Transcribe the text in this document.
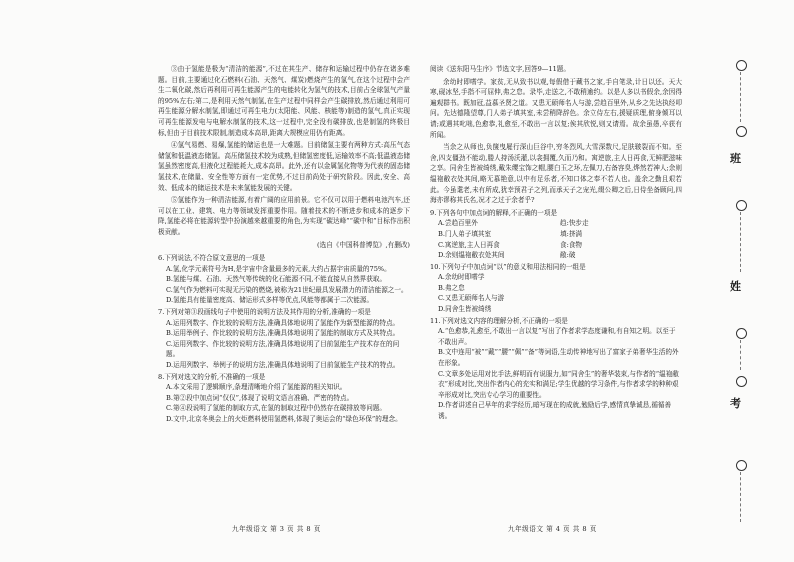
③由于氢能是极为“清洁的能源”,不过在其生产、储存和运输过程中仍存在诸多难题。目前,主要通过化石燃料(石油、天然气、煤炭)燃烧产生的氢气,在这个过程中会产生二氧化碳,然后再利用可再生能源产生的电能转化为氢气的技术,目前占全球氢气产量的95%左右;第二,是利用天然气制氢,在生产过程中同样会产生碳排放,然后通过利用可再生能源分解水制氢,即通过可再生电力(太阳能、风能、核能等)制造的氢气,真正实现可再生能源发电与电解水制氢的技术,这一过程中,完全没有碳排放,也是制氢的终极目标,但由于目前技术限制,制造成本高昂,距离大规模应用仍有距离。

④氢气易燃、易爆,氢能的储运也是一大难题。目前储氢主要有两种方式:高压气态储氢和低温液态储氢。高压储氢技术较为成熟,但储氢密度低,运输效率不高;低温液态储氢虽然密度高,但液化过程能耗大,成本高昂。此外,还有以金属氢化物等为代表的固态储氢技术,在储量、安全性等方面有一定优势,不过目前尚处于研究阶段。因此,安全、高效、低成本的储运技术是未来氢能发展的关键。

⑤氢能作为一种清洁能源,有着广阔的应用前景。它不仅可以用于燃料电池汽车,还可以在工业、建筑、电力等领域发挥重要作用。随着技术的不断进步和成本的逐步下降,氢能必将在能源转型中扮演越来越重要的角色,为实现“碳达峰”“碳中和”目标作出积极贡献。

(选自《中国科普博览》,有删改)

6.下列说法,不符合原文意思的一项是

A.氢,化学元素符号为H,是宇宙中含量最多的元素,大约占据宇宙质量的75%。

B.氢能与煤、石油、天然气等传统的化石能源不同,不能直接从自然界获取。

C.氢气作为燃料可实现无污染的燃烧,被称为21世纪最具发展潜力的清洁能源之一。

D.氢能具有能量密度高、储运形式多样等优点,风能等都属于二次能源。

7.下列对第③段画线句子中使用的说明方法及其作用的分析,准确的一项是

A.运用列数字、作比较的说明方法,准确具体地说明了氢能作为新型能源的特点。

B.运用举例子、作比较的说明方法,准确具体地说明了氢能的制取方式及其特点。

C.运用列数字、作比较的说明方法,准确具体地说明了目前氢能生产技术存在的问题。

D.运用列数字、举例子的说明方法,准确具体地说明了目前氢能生产技术的特点。

8.下列对选文的分析,不准确的一项是

A.本文采用了逻辑顺序,条理清晰地介绍了氢能源的相关知识。

B.第②段中加点词“仅仅”,体现了说明文语言准确、严密的特点。

C.第④段说明了氢能的制取方式,在氢的制取过程中仍然存在碳排放等问题。

D.文中,北京冬奥会上的火炬燃料使用氢燃料,体现了奥运会的“绿色环保”的理念。

阅读《送东阳马生序》节选文字,回答9—11题。

余幼时即嗜学。家贫,无从致书以观,每假借于藏书之家,手自笔录,计日以还。天大寒,砚冰坚,手指不可屈伸,弗之怠。录毕,走送之,不敢稍逾约。以是人多以书假余,余因得遍观群书。既加冠,益慕圣贤之道。又患无硕师名人与游,尝趋百里外,从乡之先达执经叩问。先达德隆望尊,门人弟子填其室,未尝稍降辞色。余立侍左右,援疑质理,俯身倾耳以请;或遇其叱咄,色愈恭,礼愈至,不敢出一言以复;俟其欣悦,则又请焉。故余虽愚,卒获有所闻。

当余之从师也,负箧曳屣行深山巨谷中,穷冬烈风,大雪深数尺,足肤皲裂而不知。至舍,四支僵劲不能动,媵人持汤沃灌,以衾拥覆,久而乃和。寓逆旅,主人日再食,无鲜肥滋味之享。同舍生皆被绮绣,戴朱缨宝饰之帽,腰白玉之环,左佩刀,右备容臭,烨然若神人;余则缊袍敝衣处其间,略无慕艳意,以中有足乐者,不知口体之奉不若人也。盖余之勤且艰若此。今虽耄老,未有所成,犹幸预君子之列,而承天子之宠光,缀公卿之后,日侍坐备顾问,四海亦谬称其氏名,况才之过于余者乎?

9.下列各句中加点词的解释,不正确的一项是

A.尝趋百里外	趋:快步走
B.门人弟子填其室	填:挤满
C.寓逆旅,主人日再食	食:食物
D.余则缊袍敝衣处其间	敝:破

10.下列句子中加点词“以”的意义和用法相同的一组是

A.余幼时即嗜学

B.弗之怠

C.又患无硕师名人与游

D.同舍生皆被绮绣

11.下列对选文内容的理解分析,不正确的一项是

A.“色愈恭,礼愈至,不敢出一言以复”写出了作者求学态度谦和,有自知之明。以至于不敢出声。

B.文中连用“被”“戴”“腰”“佩”“备”等词语,生动传神地写出了富家子弟奢华生活的外在形象。

C.文章多处运用对比手法,鲜明而有说服力,如“同舍生”的奢华装束,与作者的“缊袍敝衣”形成对比,突出作者内心的充实和满足;学生优越的学习条件,与作者求学的种种艰辛形成对比,突出专心学习的重要性。

D.作者讲述自己早年的求学经历,暗写现在的成就,勉励后学,感情真挚诚恳,循循善诱。

九年级语文 第 3 页 共 8 页	九年级语文 第 4 页 共 8 页
班
姓
考
